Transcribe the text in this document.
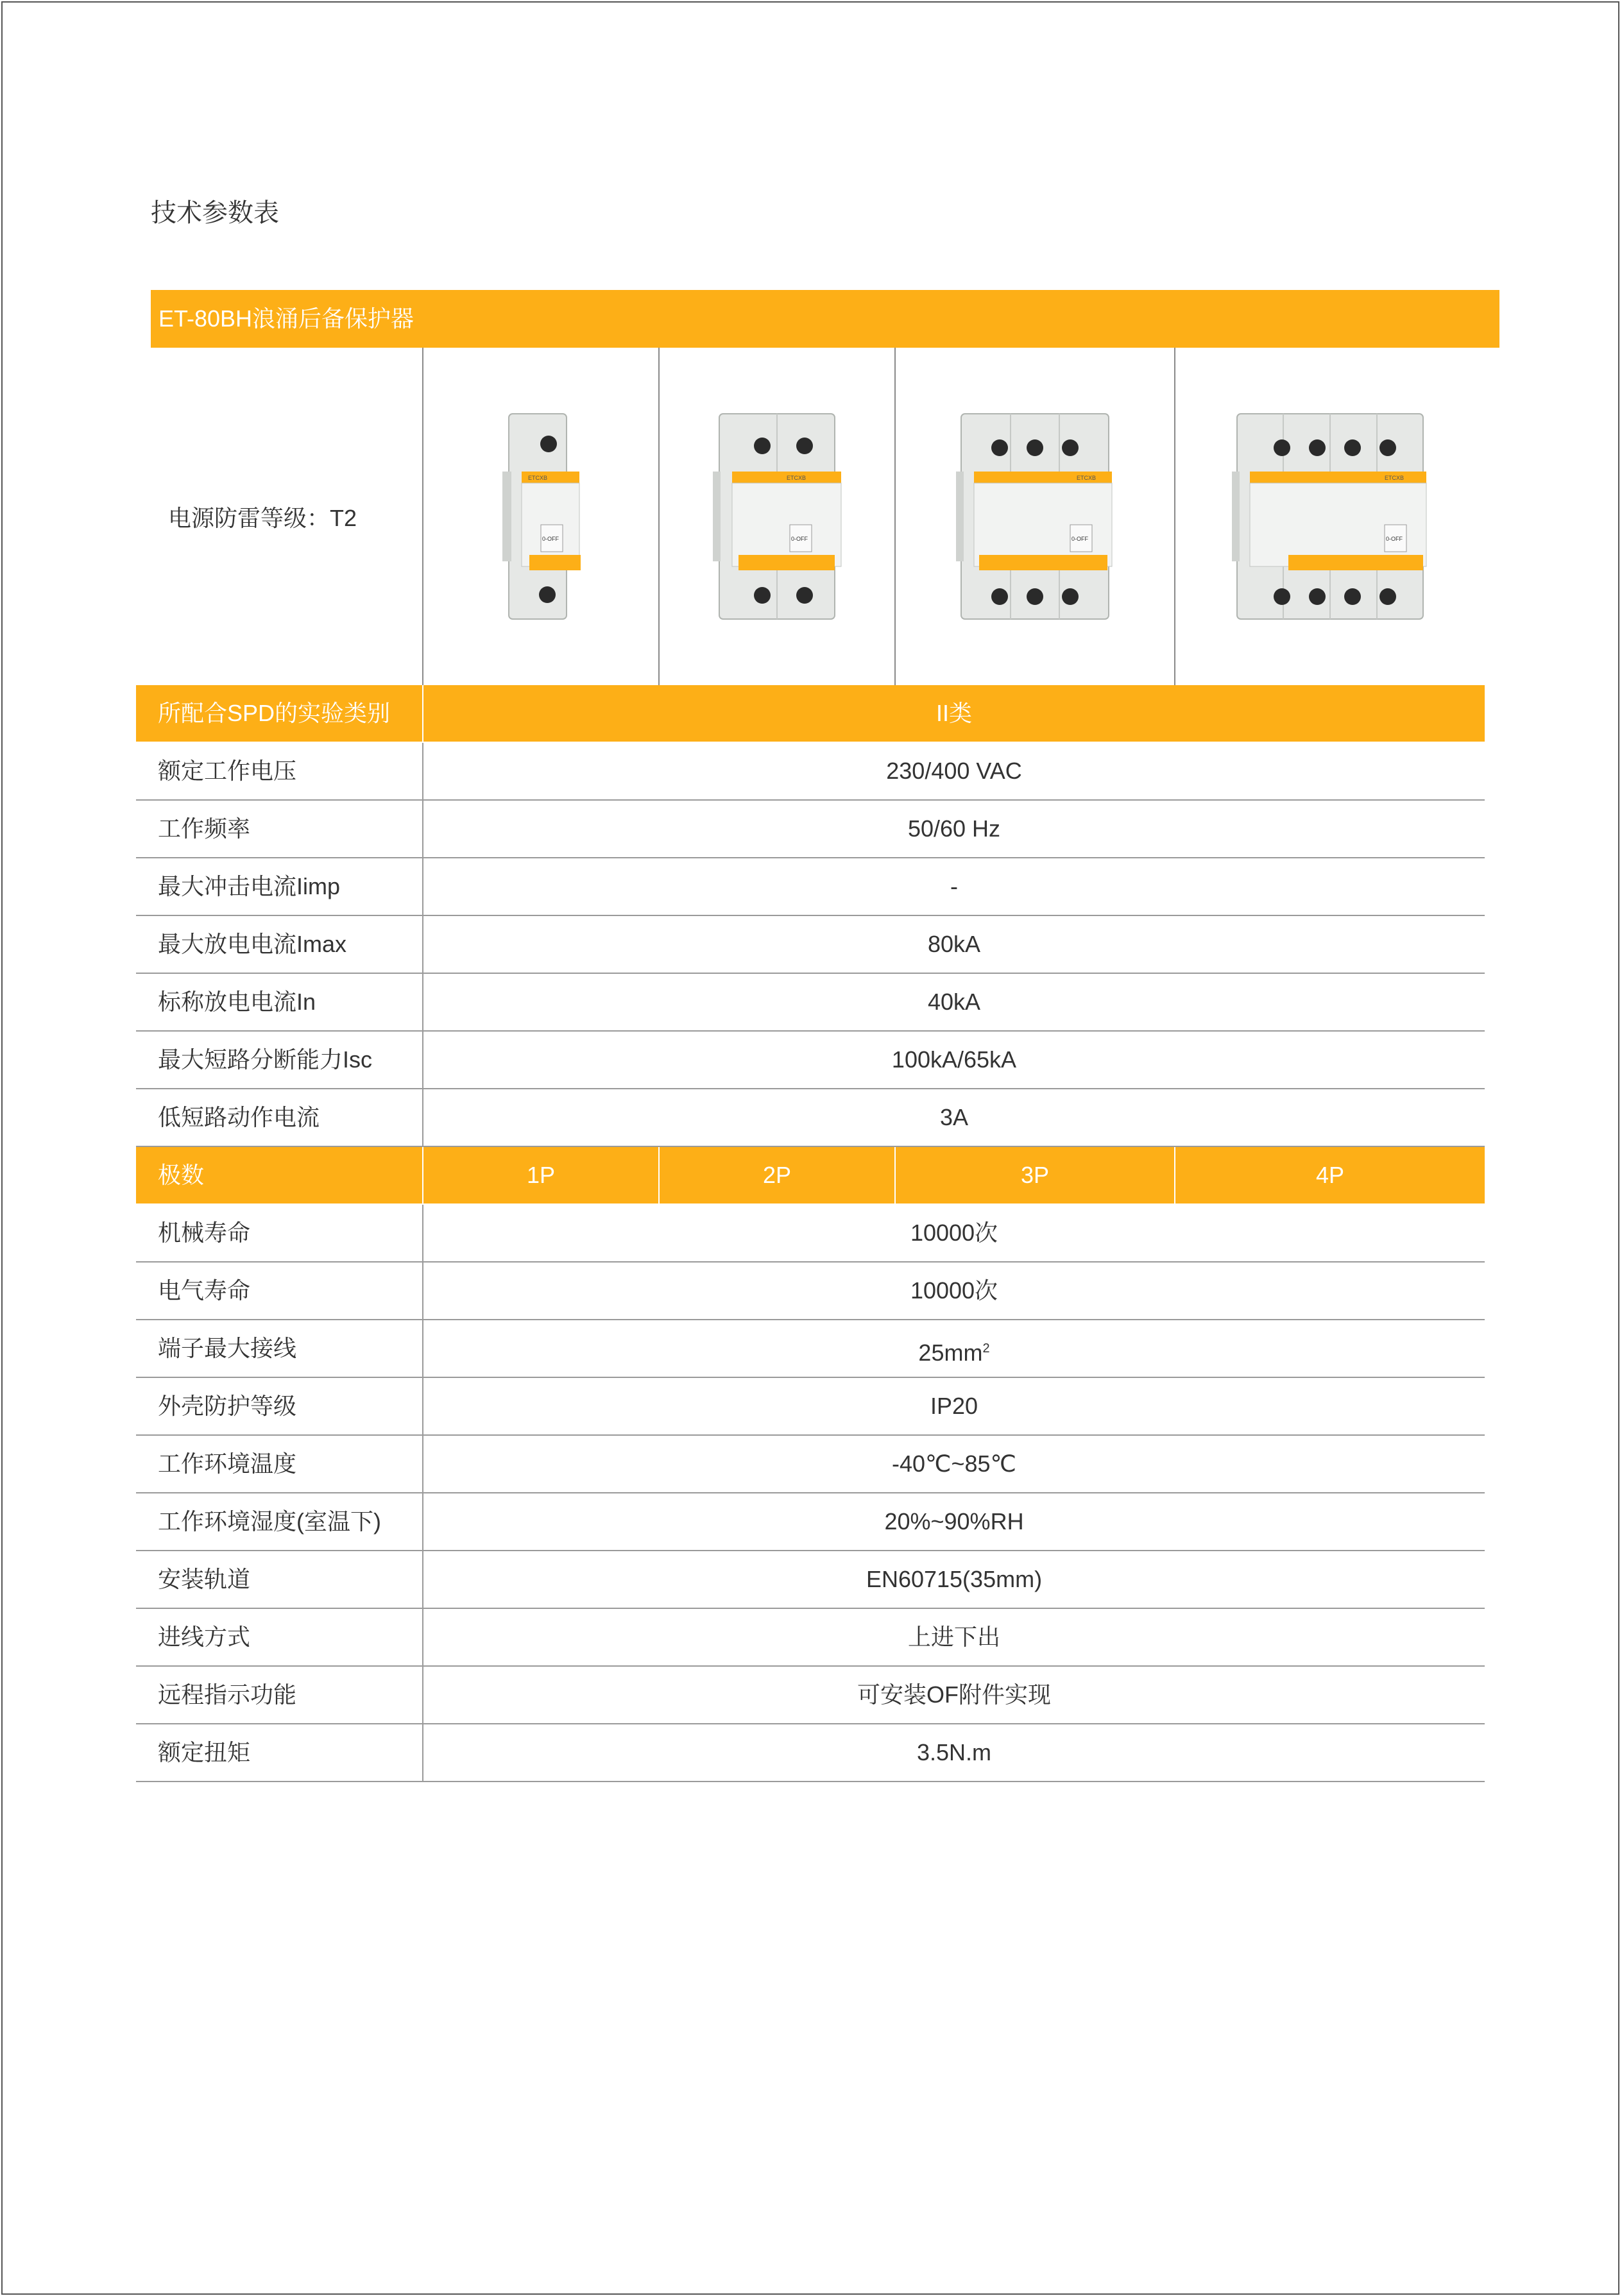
技术参数表
ET-80BH浪涌后备保护器
电源防雷等级：T2
ETCXB
0-OFF
ETCXB
0-OFF
ETCXB
0-OFF
ETCXB
0-OFF
所配合SPD的实验类别	II类
额定工作电压	230/400 VAC
工作频率	50/60 Hz
最大冲击电流Iimp	-
最大放电电流Imax	80kA
标称放电电流In	40kA
最大短路分断能力Isc	100kA/65kA
低短路动作电流	3A
极数	1P	2P	3P	4P
机械寿命	10000次
电气寿命	10000次
端子最大接线	$25mm^2$
外壳防护等级	IP20
工作环境温度	-40℃~85℃
工作环境湿度(室温下)	20%~90%RH
安装轨道	EN60715(35mm)
进线方式	上进下出
远程指示功能	可安装OF附件实现
额定扭矩	3.5N.m
